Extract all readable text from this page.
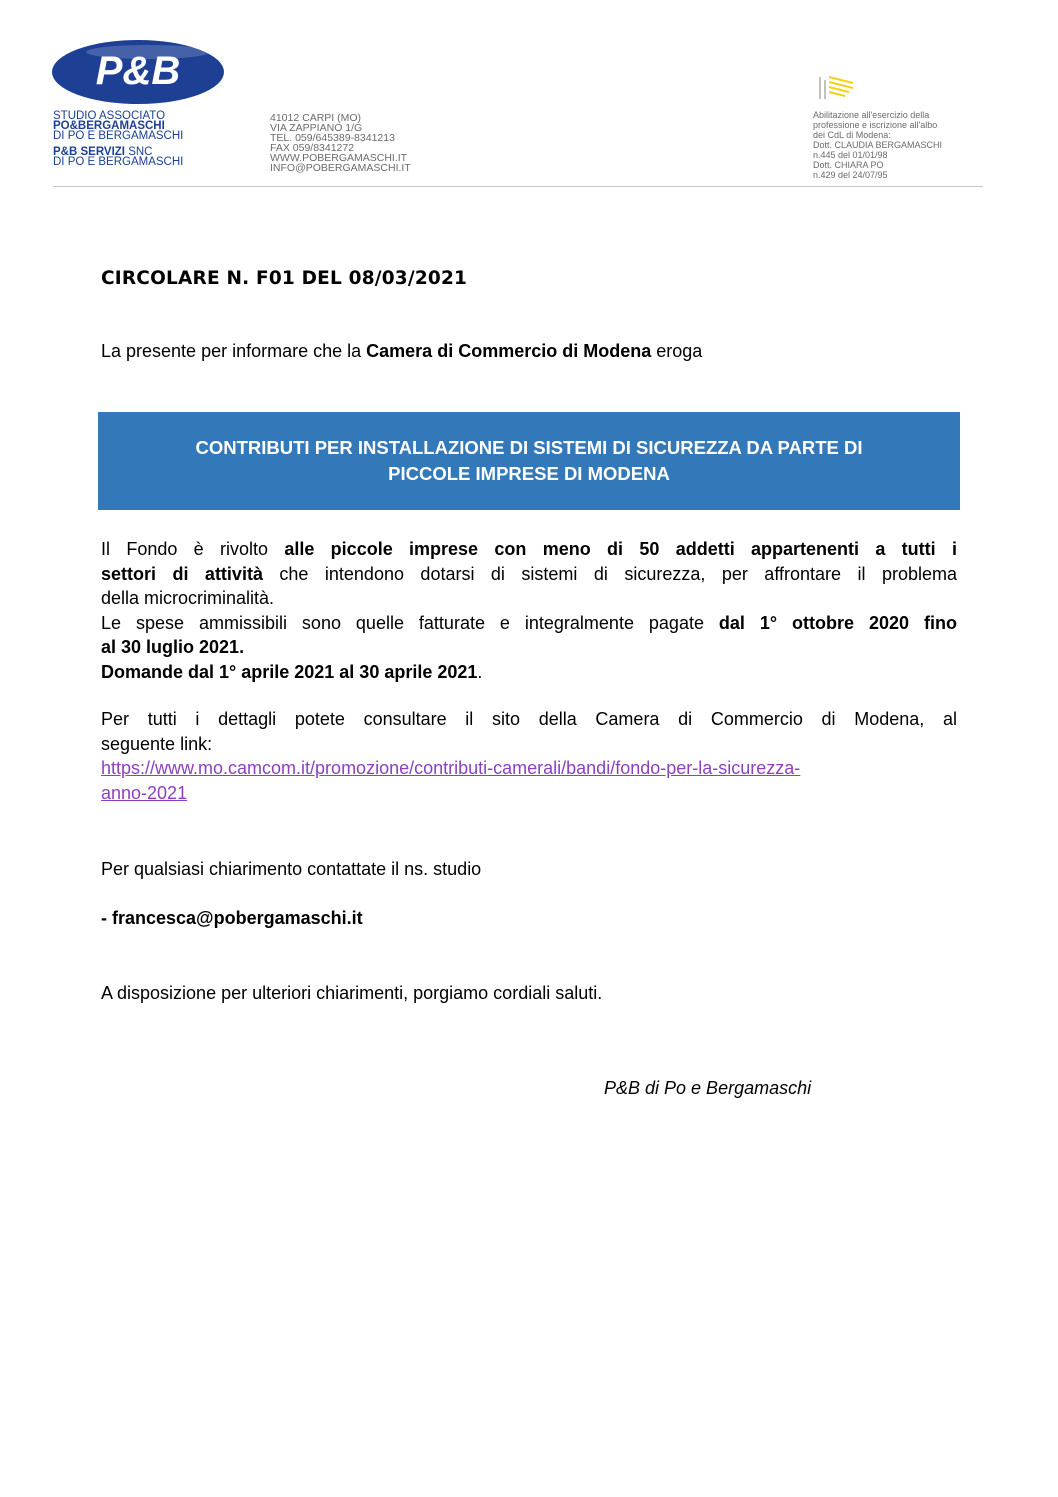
P&B
STUDIO ASSOCIATO
PO&BERGAMASCHI
DI PO E BERGAMASCHI
P&B SERVIZI SNC
DI PO E BERGAMASCHI
41012 CARPI (MO)
VIA ZAPPIANO 1/G
TEL. 059/645389-8341213
FAX 059/8341272
WWW.POBERGAMASCHI.IT
INFO@POBERGAMASCHI.IT
Abilitazione all'esercizio della
professione e iscrizione all'albo
dei CdL di Modena:
Dott. CLAUDIA BERGAMASCHI
n.445 del 01/01/98
Dott. CHIARA PO
n.429 del 24/07/95
CIRCOLARE N. F01 DEL 08/03/2021
La presente per informare che la Camera di Commercio di Modena eroga
CONTRIBUTI PER INSTALLAZIONE DI SISTEMI DI SICUREZZA DA PARTE DI
PICCOLE IMPRESE DI MODENA
Il Fondo è rivolto alle piccole imprese con meno di 50 addetti appartenenti a tutti i
settori di attività che intendono dotarsi di sistemi di sicurezza, per affrontare il problema
della microcriminalità.
Le spese ammissibili sono quelle fatturate e integralmente pagate dal 1° ottobre 2020 fino
al 30 luglio 2021.
Domande dal 1° aprile 2021 al 30 aprile 2021.
Per tutti i dettagli potete consultare il sito della Camera di Commercio di Modena, al
seguente link:
https://www.mo.camcom.it/promozione/contributi-camerali/bandi/fondo-per-la-sicurezza-
anno-2021
Per qualsiasi chiarimento contattate il ns. studio
- francesca@pobergamaschi.it
A disposizione per ulteriori chiarimenti, porgiamo cordiali saluti.
P&B di Po e Bergamaschi
